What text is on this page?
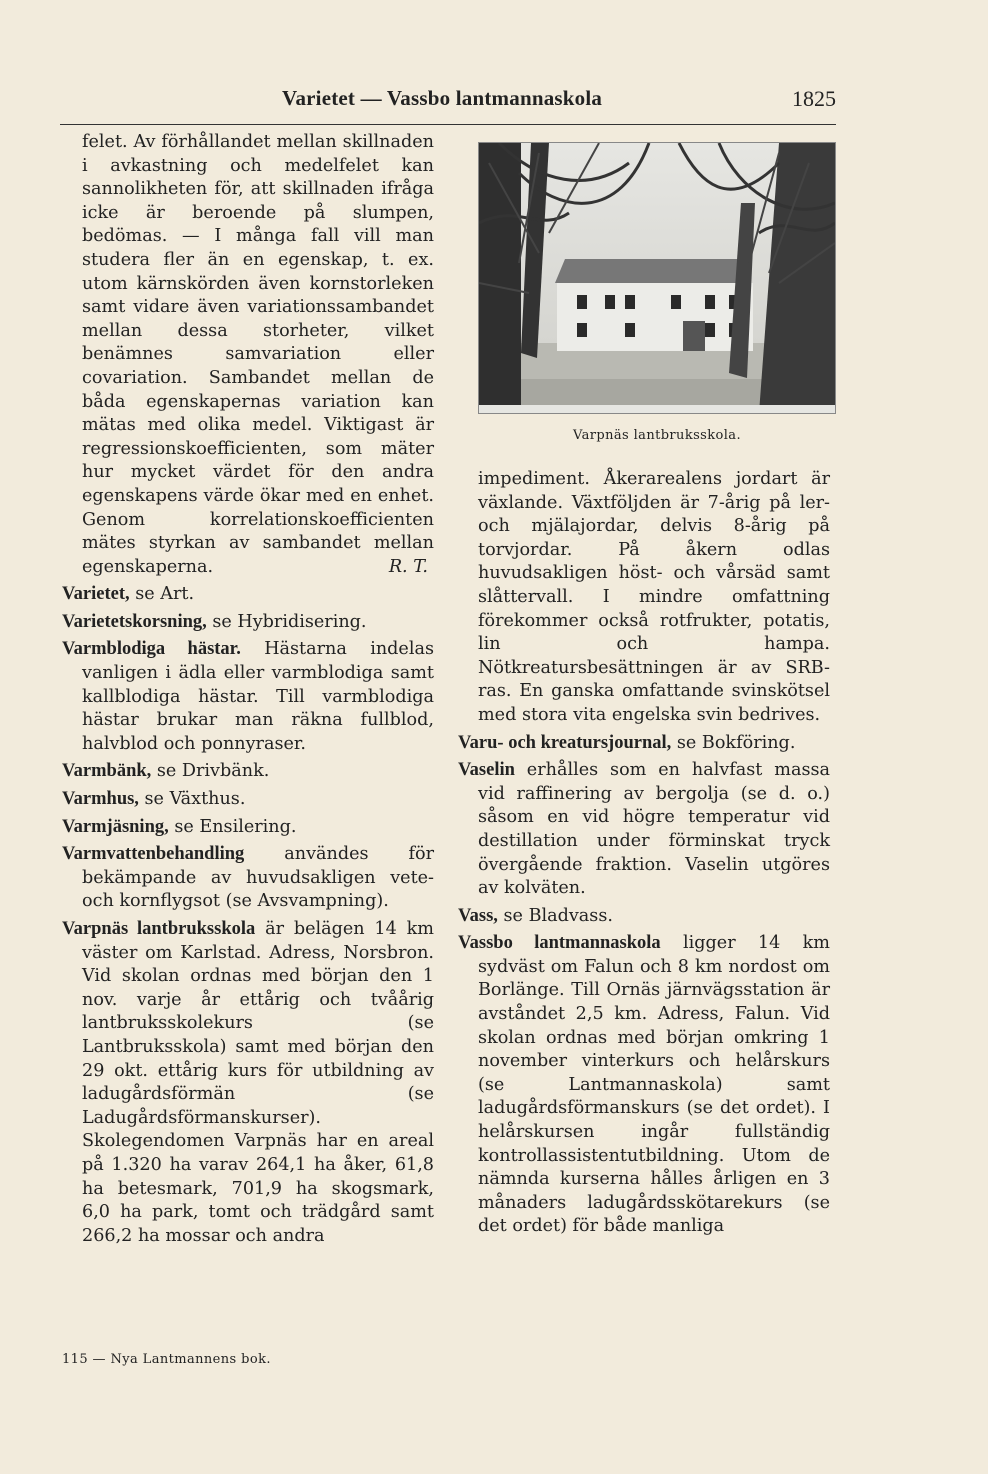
Varietet — Vassbo lantmannaskola	1825

felet. Av förhållandet mellan skillnaden i avkastning och medelfelet kan sannolikheten för, att skillnaden ifråga icke är beroende på slumpen, bedömas. — I många fall vill man studera fler än en egenskap, t. ex. utom kärnskörden även kornstorleken samt vidare även variationssambandet mellan dessa storheter, vilket benämnes samvariation eller covariation. Sambandet mellan de båda egenskapernas variation kan mätas med olika medel. Viktigast är regressionskoefficienten, som mäter hur mycket värdet för den andra egenskapens värde ökar med en enhet. Genom korrelationskoefficienten mätes styrkan av sambandet mellan egenskaperna.	R. T.

Varietet, se Art.

Varietetskorsning, se Hybridisering.

Varmblodiga hästar. Hästarna indelas vanligen i ädla eller varmblodiga samt kallblodiga hästar. Till varmblodiga hästar brukar man räkna fullblod, halvblod och ponnyraser.

Varmbänk, se Drivbänk.

Varmhus, se Växthus.

Varmjäsning, se Ensilering.

Varmvattenbehandling användes för bekämpande av huvudsakligen vete- och kornflygsot (se Avsvampning).

Varpnäs lantbruksskola är belägen 14 km väster om Karlstad. Adress, Norsbron. Vid skolan ordnas med början den 1 nov. varje år ettårig och tvåårig lantbruksskolekurs (se Lantbruksskola) samt med början den 29 okt. ettårig kurs för utbildning av ladugårdsförmän (se Ladugårdsförmanskurser). Skolegendomen Varpnäs har en areal på 1.320 ha varav 264,1 ha åker, 61,8 ha betesmark, 701,9 ha skogsmark, 6,0 ha park, tomt och trädgård samt 266,2 ha mossar och andra

Varpnäs lantbruksskola.

impediment. Åkerarealens jordart är växlande. Växtföljden är 7-årig på ler- och mjälajordar, delvis 8-årig på torvjordar. På åkern odlas huvudsakligen höst- och vårsäd samt slåttervall. I mindre omfattning förekommer också rotfrukter, potatis, lin och hampa. Nötkreatursbesättningen är av SRB-ras. En ganska omfattande svinskötsel med stora vita engelska svin bedrives.

Varu- och kreatursjournal, se Bokföring.

Vaselin erhålles som en halvfast massa vid raffinering av bergolja (se d. o.) såsom en vid högre temperatur vid destillation under förminskat tryck övergående fraktion. Vaselin utgöres av kolväten.

Vass, se Bladvass.

Vassbo lantmannaskola ligger 14 km sydväst om Falun och 8 km nordost om Borlänge. Till Ornäs järnvägsstation är avståndet 2,5 km. Adress, Falun. Vid skolan ordnas med början omkring 1 november vinterkurs och helårskurs (se Lantmannaskola) samt ladugårdsförmanskurs (se det ordet). I helårskursen ingår fullständig kontrollassistentutbildning. Utom de nämnda kurserna hålles årligen en 3 månaders ladugårdsskötarekurs (se det ordet) för både manliga

115 — Nya Lantmannens bok.
